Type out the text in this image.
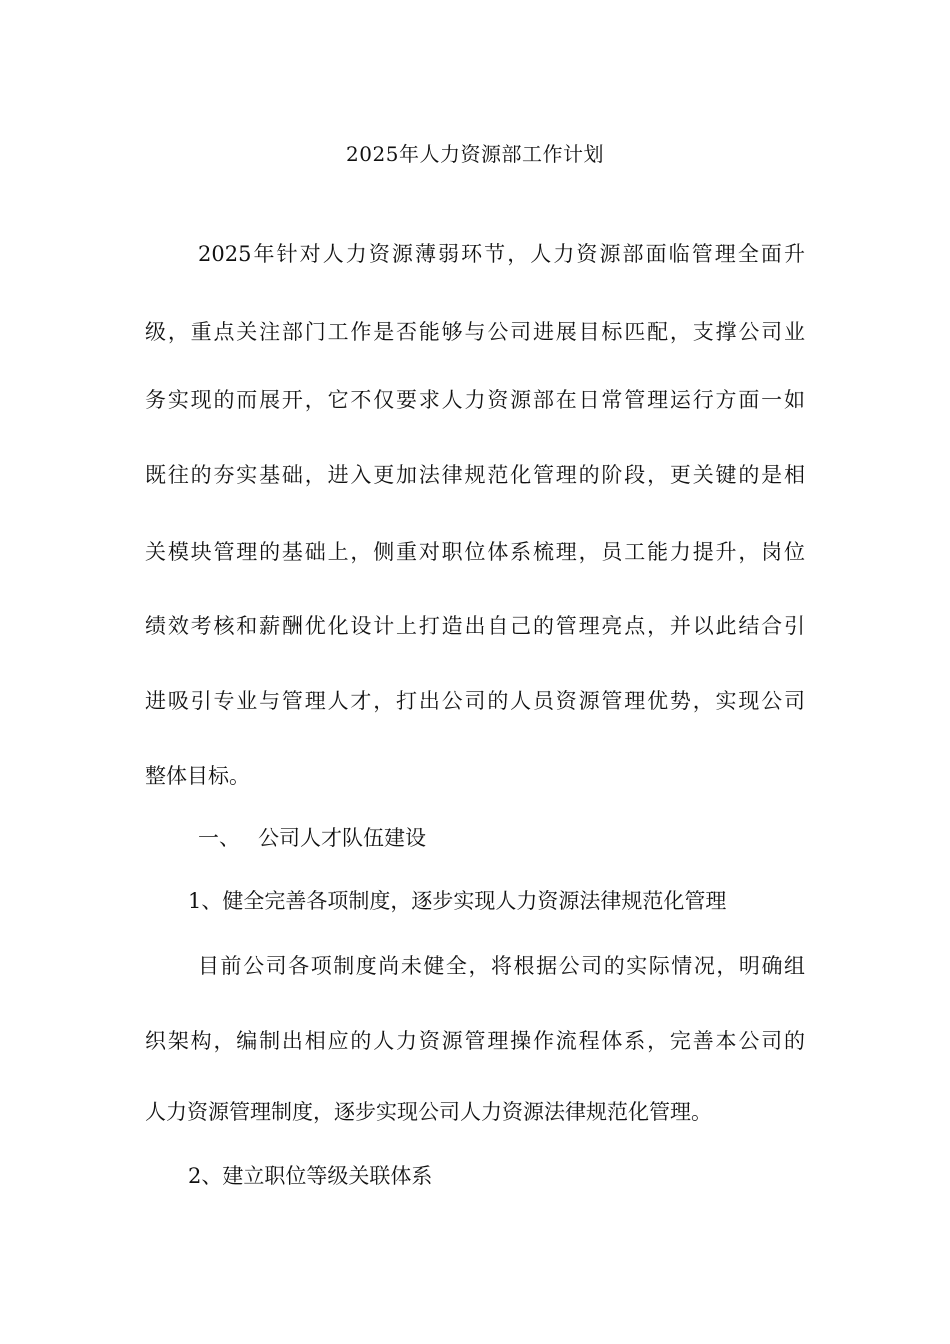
2025年人力资源部工作计划
2025年针对人力资源薄弱环节，人力资源部面临管理全面升
级，重点关注部门工作是否能够与公司进展目标匹配，支撑公司业
务实现的而展开，它不仅要求人力资源部在日常管理运行方面一如
既往的夯实基础，进入更加法律规范化管理的阶段，更关键的是相
关模块管理的基础上，侧重对职位体系梳理，员工能力提升，岗位
绩效考核和薪酬优化设计上打造出自己的管理亮点，并以此结合引
进吸引专业与管理人才，打出公司的人员资源管理优势，实现公司
整体目标。
一、 公司人才队伍建设
1、健全完善各项制度，逐步实现人力资源法律规范化管理
目前公司各项制度尚未健全，将根据公司的实际情况，明确组
织架构，编制出相应的人力资源管理操作流程体系，完善本公司的
人力资源管理制度，逐步实现公司人力资源法律规范化管理。
2、建立职位等级关联体系
